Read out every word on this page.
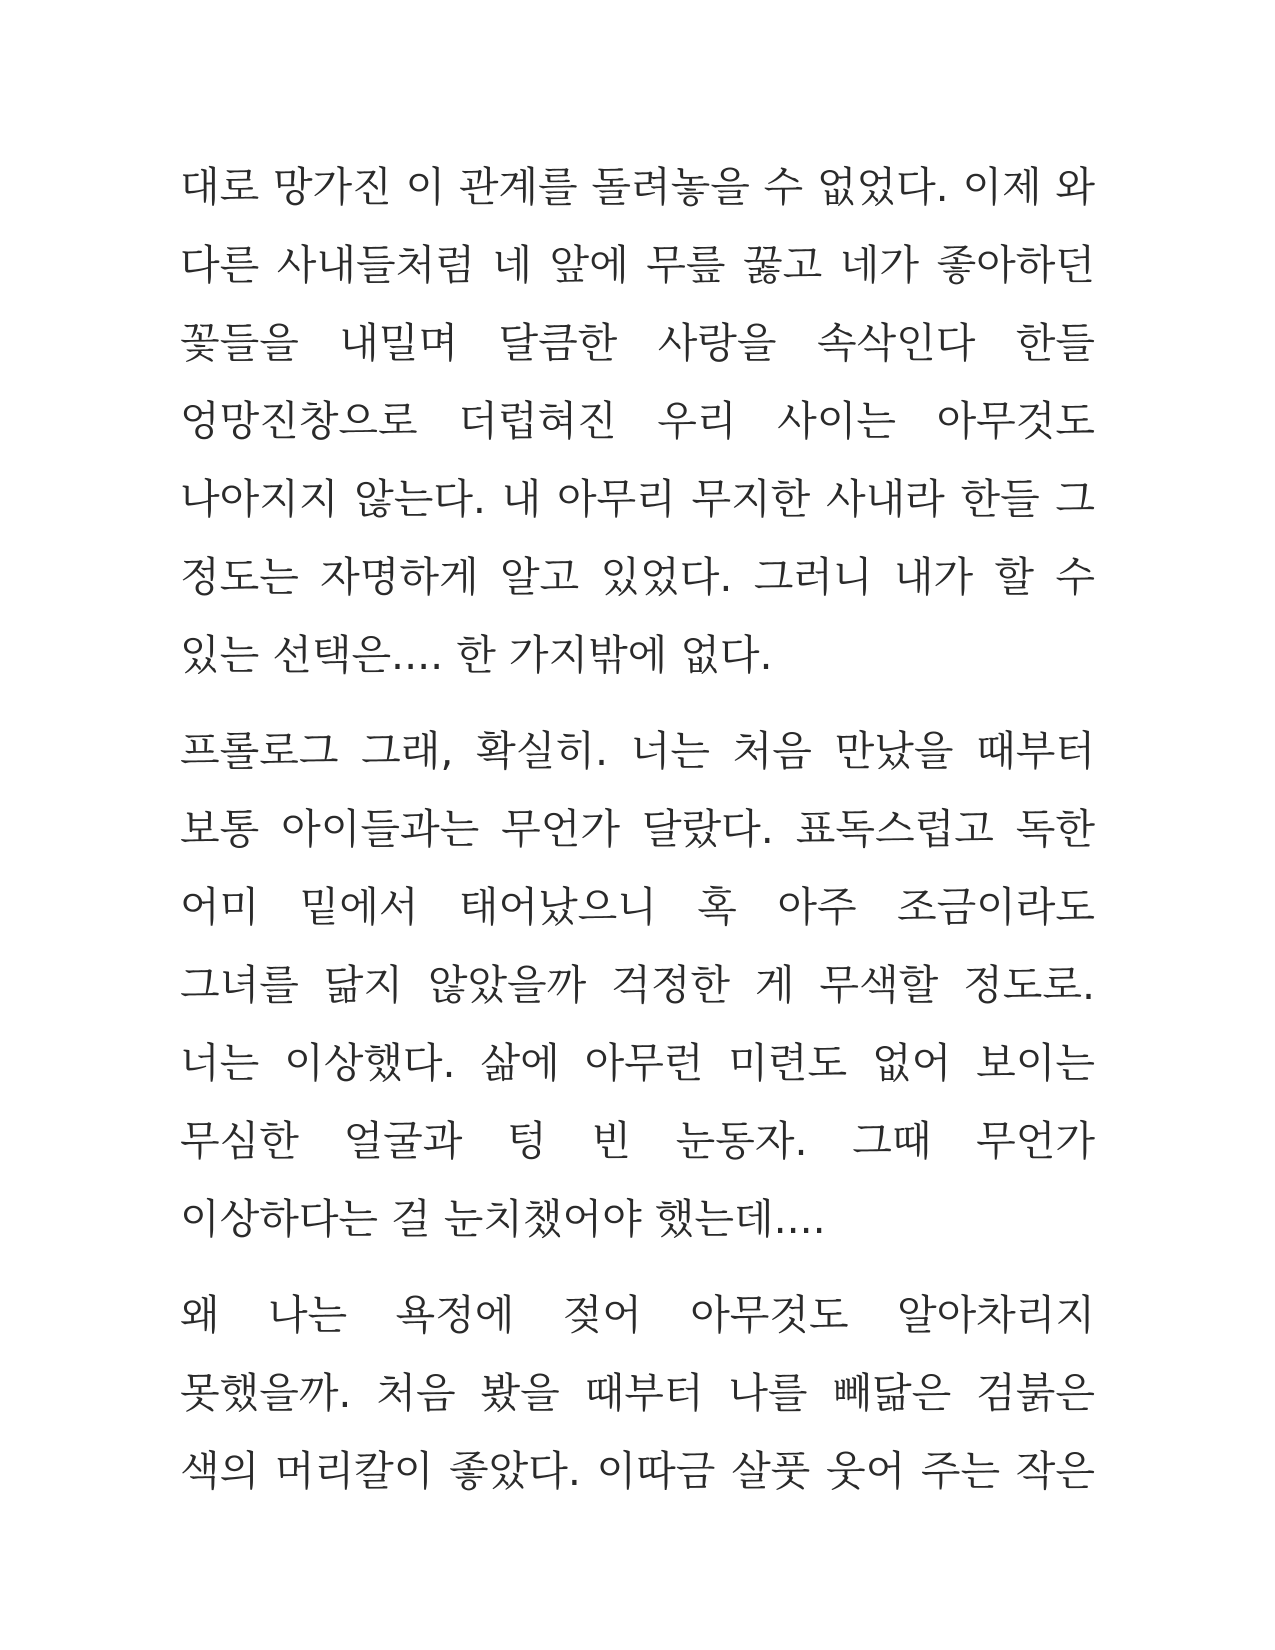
대로 망가진 이 관계를 돌려놓을 수 없었다. 이제 와
다른 사내들처럼 네 앞에 무릎 꿇고 네가 좋아하던
꽃들을 내밀며 달큼한 사랑을 속삭인다 한들
엉망진창으로 더럽혀진 우리 사이는 아무것도
나아지지 않는다. 내 아무리 무지한 사내라 한들 그
정도는 자명하게 알고 있었다. 그러니 내가 할 수
있는 선택은.... 한 가지밖에 없다.

프롤로그 그래, 확실히. 너는 처음 만났을 때부터
보통 아이들과는 무언가 달랐다. 표독스럽고 독한
어미 밑에서 태어났으니 혹 아주 조금이라도
그녀를 닮지 않았을까 걱정한 게 무색할 정도로.
너는 이상했다. 삶에 아무런 미련도 없어 보이는
무심한 얼굴과 텅 빈 눈동자. 그때 무언가
이상하다는 걸 눈치챘어야 했는데....

왜 나는 욕정에 젖어 아무것도 알아차리지
못했을까. 처음 봤을 때부터 나를 빼닮은 검붉은
색의 머리칼이 좋았다. 이따금 살풋 웃어 주는 작은
